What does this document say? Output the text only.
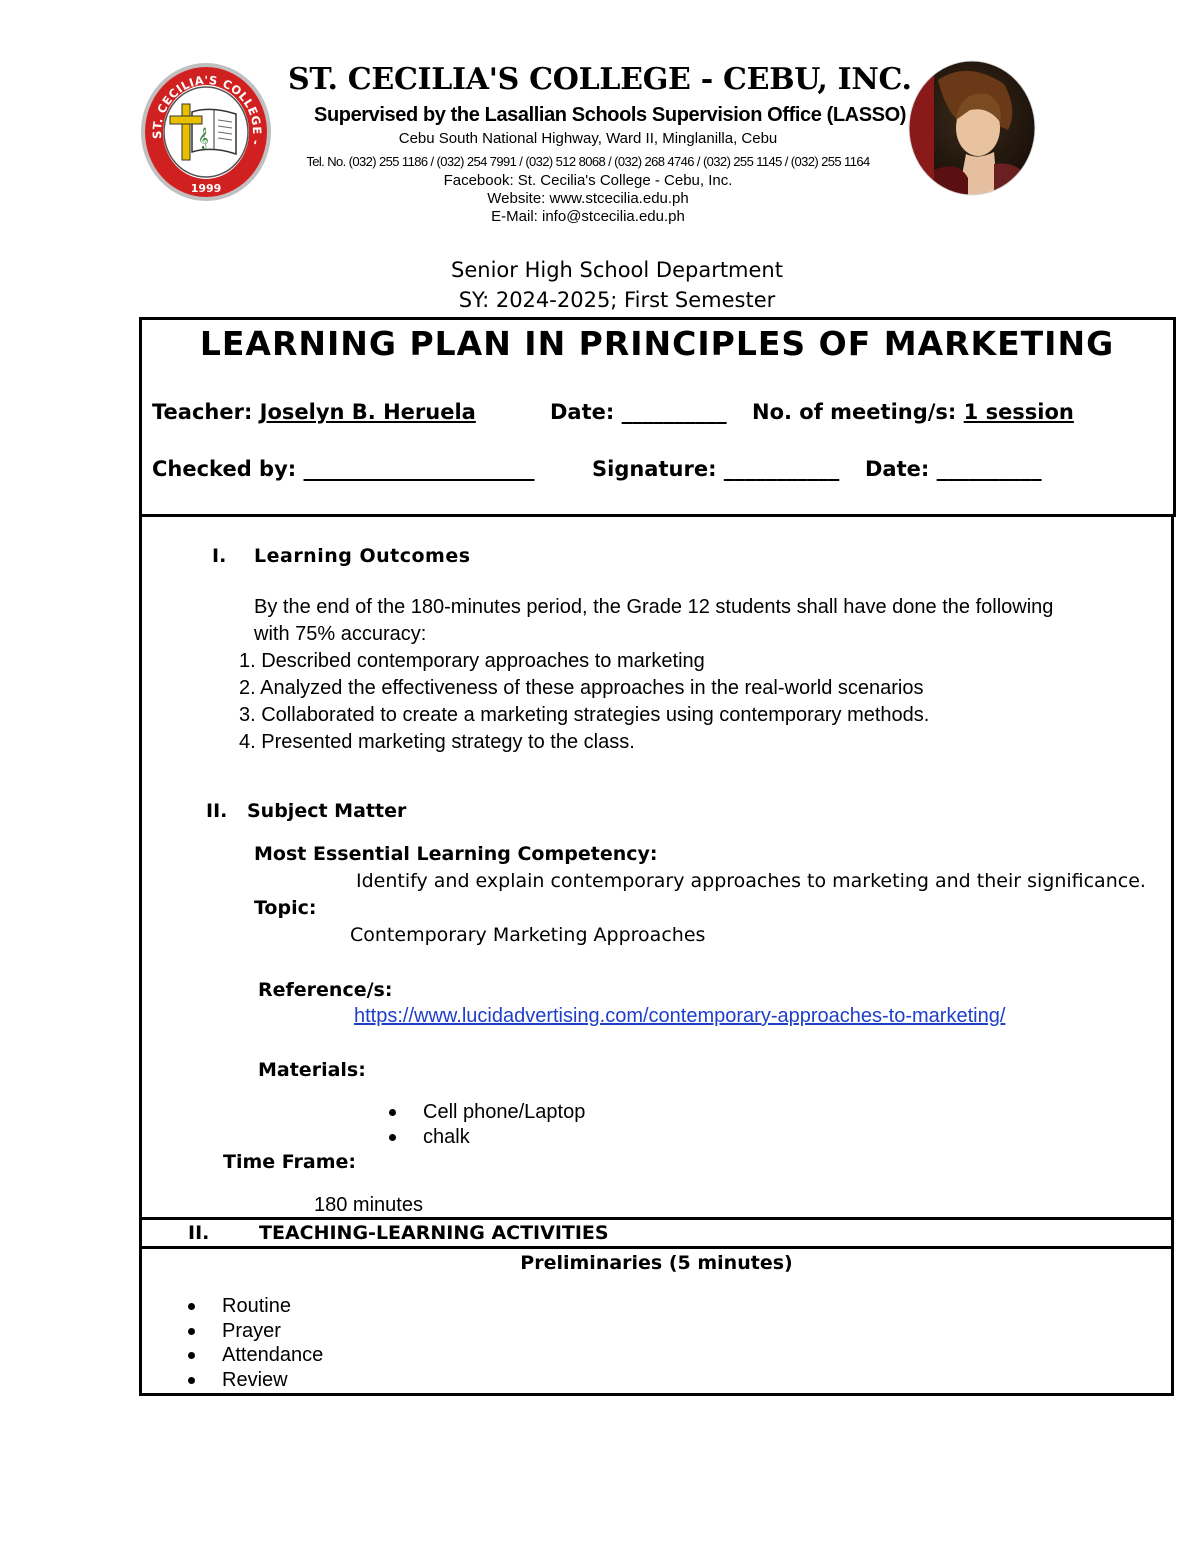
ST. CECILIA'S COLLEGE -
1999
𝄞
ST. CECILIA'S COLLEGE - CEBU, INC.
Supervised by the Lasallian Schools Supervision Office (LASSO)
Cebu South National Highway, Ward II, Minglanilla, Cebu
Tel. No. (032) 255 1186 / (032) 254 7991 / (032) 512 8068 / (032) 268 4746 / (032) 255 1145 / (032) 255 1164
Facebook: St. Cecilia's College - Cebu, Inc.
Website: www.stcecilia.edu.ph
E-Mail: info@stcecilia.edu.ph
Senior High School Department
SY: 2024-2025; First Semester
LEARNING PLAN IN PRINCIPLES OF MARKETING
Teacher: Joselyn B. Heruela	Date: __________ No. of meeting/s: 1 session
Checked by: ______________________	Signature: ___________ Date: __________
I. Learning Outcomes
By the end of the 180-minutes period, the Grade 12 students shall have done the following
with 75% accuracy:
1. Described contemporary approaches to marketing
2. Analyzed the effectiveness of these approaches in the real-world scenarios
3. Collaborated to create a marketing strategies using contemporary methods.
4. Presented marketing strategy to the class.
II. Subject Matter
Most Essential Learning Competency:
Identify and explain contemporary approaches to marketing and their significance.
Topic:
Contemporary Marketing Approaches
Reference/s:
https://www.lucidadvertising.com/contemporary-approaches-to-marketing/
Materials:
Cell phone/Laptop
chalk
Time Frame:
180 minutes
II.	TEACHING-LEARNING ACTIVITIES
Preliminaries (5 minutes)
Routine
Prayer
Attendance
Review
